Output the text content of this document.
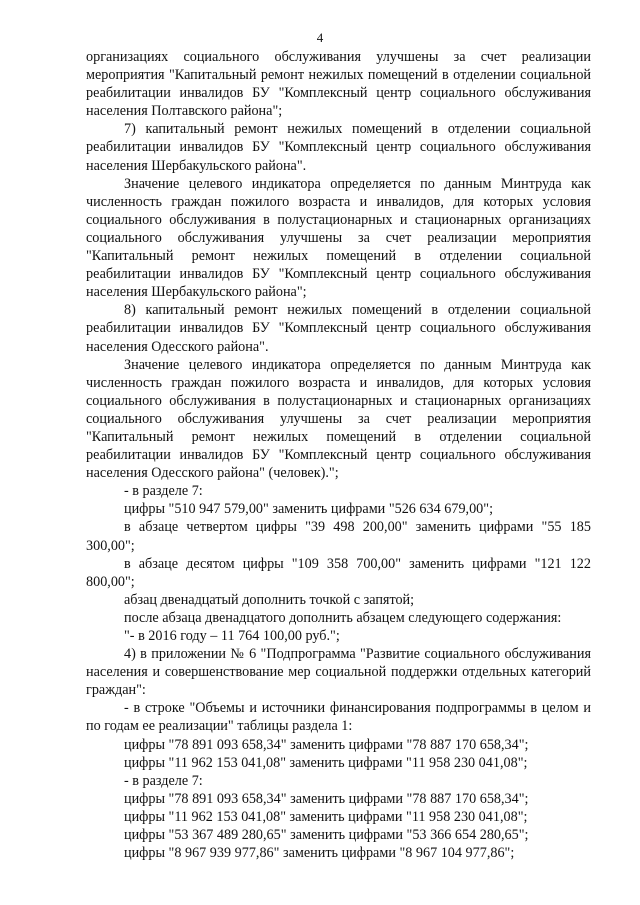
4

организациях социального обслуживания улучшены за счет реализации мероприятия "Капитальный ремонт нежилых помещений в отделении социальной реабилитации инвалидов БУ "Комплексный центр социального обслуживания населения Полтавского района";

7) капитальный ремонт нежилых помещений в отделении социальной реабилитации инвалидов БУ "Комплексный центр социального обслуживания населения Шербакульского района".

Значение целевого индикатора определяется по данным Минтруда как численность граждан пожилого возраста и инвалидов, для которых условия социального обслуживания в полустационарных и стационарных организациях социального обслуживания улучшены за счет реализации мероприятия "Капитальный ремонт нежилых помещений в отделении социальной реабилитации инвалидов БУ "Комплексный центр социального обслуживания населения Шербакульского района";

8) капитальный ремонт нежилых помещений в отделении социальной реабилитации инвалидов БУ "Комплексный центр социального обслуживания населения Одесского района".

Значение целевого индикатора определяется по данным Минтруда как численность граждан пожилого возраста и инвалидов, для которых условия социального обслуживания в полустационарных и стационарных организациях социального обслуживания улучшены за счет реализации мероприятия "Капитальный ремонт нежилых помещений в отделении социальной реабилитации инвалидов БУ "Комплексный центр социального обслуживания населения Одесского района" (человек).";

- в разделе 7:

цифры "510 947 579,00" заменить цифрами "526 634 679,00";

в абзаце четвертом цифры "39 498 200,00" заменить цифрами "55 185 300,00";

в абзаце десятом цифры "109 358 700,00" заменить цифрами "121 122 800,00";

абзац двенадцатый дополнить точкой с запятой;

после абзаца двенадцатого дополнить абзацем следующего содержания:

"- в 2016 году – 11 764 100,00 руб.";

4) в приложении № 6 "Подпрограмма "Развитие социального обслуживания населения и совершенствование мер социальной поддержки отдельных категорий граждан":

- в строке "Объемы и источники финансирования подпрограммы в целом и по годам ее реализации" таблицы раздела 1:

цифры "78 891 093 658,34" заменить цифрами "78 887 170 658,34";

цифры "11 962 153 041,08" заменить цифрами "11 958 230 041,08";

- в разделе 7:

цифры "78 891 093 658,34" заменить цифрами "78 887 170 658,34";

цифры "11 962 153 041,08" заменить цифрами "11 958 230 041,08";

цифры "53 367 489 280,65" заменить цифрами "53 366 654 280,65";

цифры "8 967 939 977,86" заменить цифрами "8 967 104 977,86";
